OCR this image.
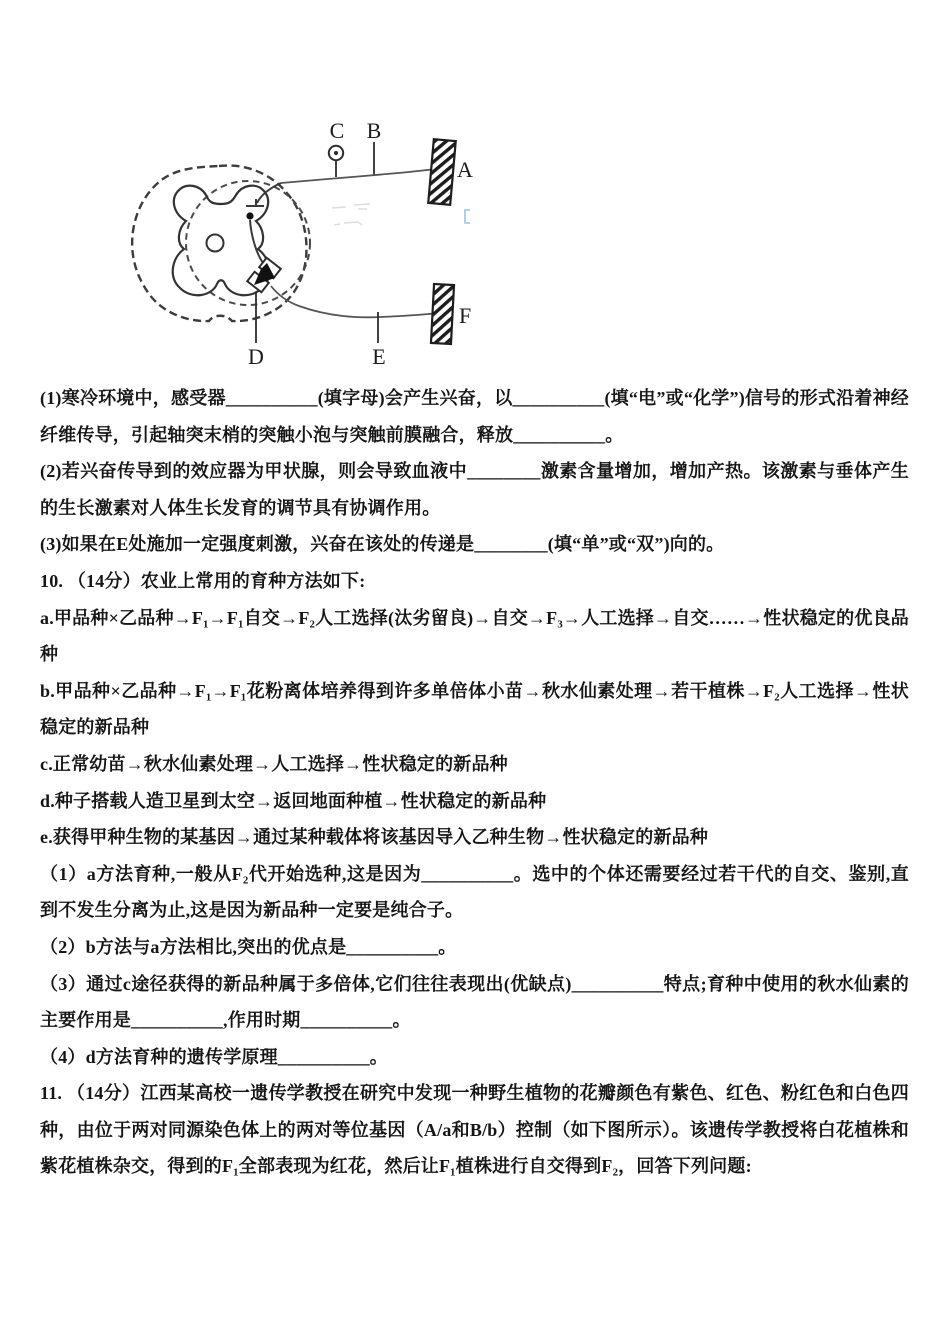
C B
A
D	E
F

(1)寒冷环境中，感受器__________(填字母)会产生兴奋，以__________(填“电”或“化学”)信号的形式沿着神经纤维传导，引起轴突末梢的突触小泡与突触前膜融合，释放__________。

(2)若兴奋传导到的效应器为甲状腺，则会导致血液中________激素含量增加，增加产热。该激素与垂体产生的生长激素对人体生长发育的调节具有协调作用。

(3)如果在E处施加一定强度刺激，兴奋在该处的传递是________(填“单”或“双”)向的。

10. （14分）农业上常用的育种方法如下:

a.甲品种×乙品种→F₁→F₁自交→F₂人工选择(汰劣留良)→自交→F₃→人工选择→自交……→性状稳定的优良品种

b.甲品种×乙品种→F₁→F₁花粉离体培养得到许多单倍体小苗→秋水仙素处理→若干植株→F₂人工选择→性状稳定的新品种

c.正常幼苗→秋水仙素处理→人工选择→性状稳定的新品种

d.种子搭载人造卫星到太空→返回地面种植→性状稳定的新品种

e.获得甲种生物的某基因→通过某种载体将该基因导入乙种生物→性状稳定的新品种

（1）a方法育种,一般从F₂代开始选种,这是因为__________。选中的个体还需要经过若干代的自交、鉴别,直到不发生分离为止,这是因为新品种一定要是纯合子。

（2）b方法与a方法相比,突出的优点是__________。

（3）通过c途径获得的新品种属于多倍体,它们往往表现出(优缺点)__________特点;育种中使用的秋水仙素的主要作用是__________,作用时期__________。

（4）d方法育种的遗传学原理__________。

11. （14分）江西某高校一遗传学教授在研究中发现一种野生植物的花瓣颜色有紫色、红色、粉红色和白色四种，由位于两对同源染色体上的两对等位基因（A/a和B/b）控制（如下图所示）。该遗传学教授将白花植株和紫花植株杂交，得到的F₁全部表现为红花，然后让F₁植株进行自交得到F₂，回答下列问题:
